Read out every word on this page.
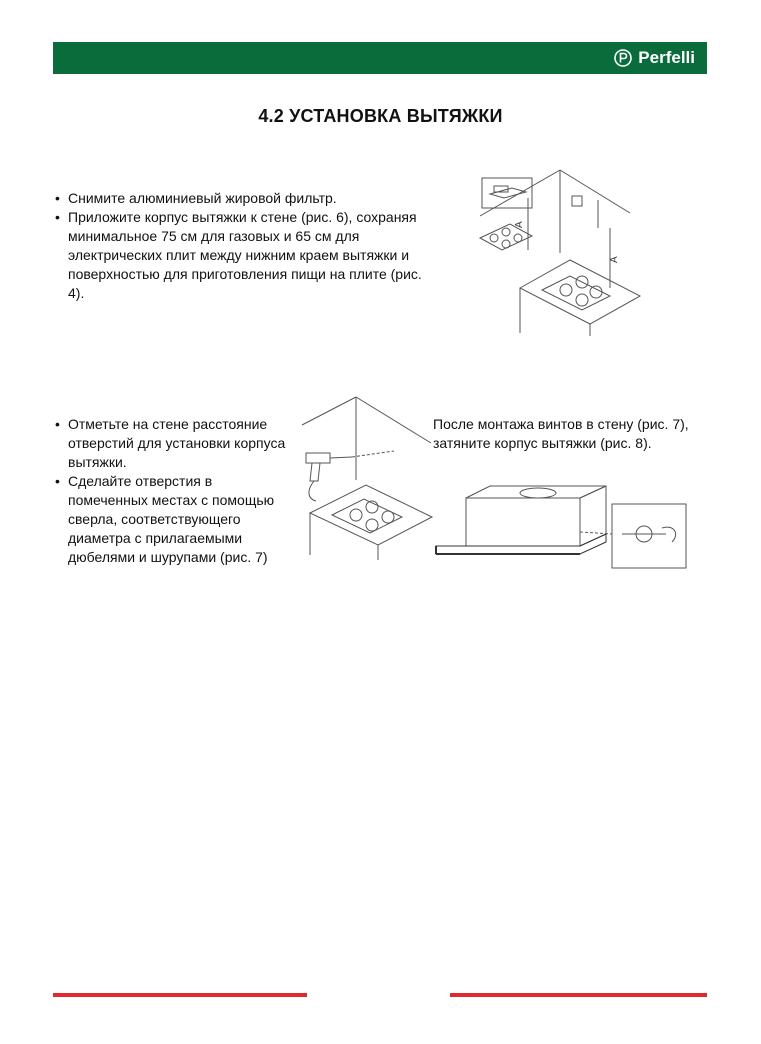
Perfelli
4.2 УСТАНОВКА ВЫТЯЖКИ
• Снимите алюминиевый жировой фильтр.
• Приложите корпус вытяжки к стене (рис. 6), сохраняя минимальное 75 см для газовых и 65 см для электрических плит между нижним краем вытяжки и поверхностью для приготовления пищи на плите (рис. 4).
A
A
• Отметьте на стене расстояние отверстий для установки корпуса вытяжки.
• Сделайте отверстия в помеченных местах с помощью сверла, соответствующего диаметра с прилагаемыми дюбелями и шурупами (рис. 7)
После монтажа винтов в стену (рис. 7), затяните корпус вытяжки (рис. 8).
